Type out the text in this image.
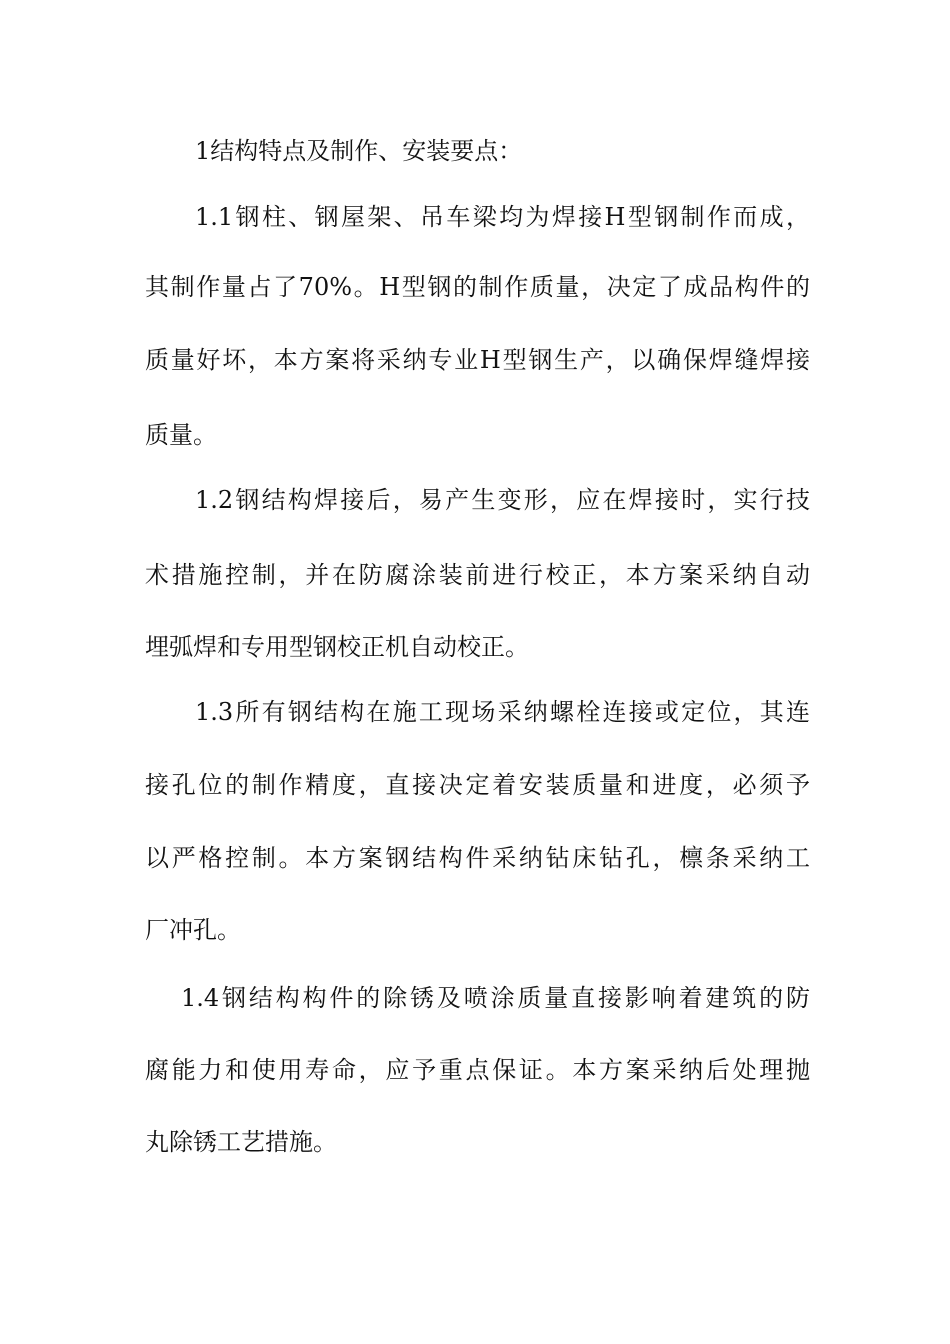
1结构特点及制作、安装要点：
1.1钢柱、钢屋架、吊车梁均为焊接H型钢制作而成，
其制作量占了70%。H型钢的制作质量，决定了成品构件的
质量好坏，本方案将采纳专业H型钢生产，以确保焊缝焊接
质量。
1.2钢结构焊接后，易产生变形，应在焊接时，实行技
术措施控制，并在防腐涂装前进行校正，本方案采纳自动
埋弧焊和专用型钢校正机自动校正。
1.3所有钢结构在施工现场采纳螺栓连接或定位，其连
接孔位的制作精度，直接决定着安装质量和进度，必须予
以严格控制。本方案钢结构件采纳钻床钻孔，檩条采纳工
厂冲孔。
1.4钢结构构件的除锈及喷涂质量直接影响着建筑的防
腐能力和使用寿命，应予重点保证。本方案采纳后处理抛
丸除锈工艺措施。
